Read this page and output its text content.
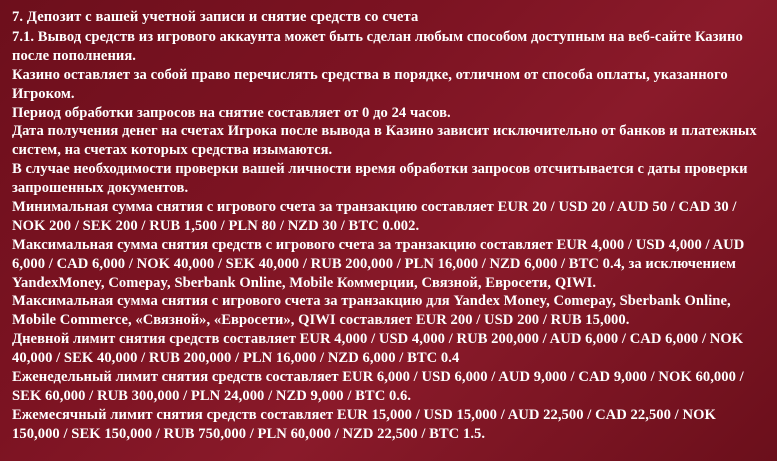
7. Депозит с вашей учетной записи и снятие средств со счета

7.1. Вывод средств из игрового аккаунта может быть сделан любым способом доступным на веб-сайте Казино после пополнения.

Казино оставляет за собой право перечислять средства в порядке, отличном от способа оплаты, указанного Игроком.

Период обработки запросов на снятие составляет от 0 до 24 часов.

Дата получения денег на счетах Игрока после вывода в Казино зависит исключительно от банков и платежных систем, на счетах которых средства изымаются.

В случае необходимости проверки вашей личности время обработки запросов отсчитывается с даты проверки запрошенных документов.

Минимальная сумма снятия с игрового счета за транзакцию составляет EUR 20 / USD 20 / AUD 50 / CAD 30 / NOK 200 / SEK 200 / RUB 1,500 / PLN 80 / NZD 30 / BTC 0.002.

Максимальная сумма снятия средств с игрового счета за транзакцию составляет EUR 4,000 / USD 4,000 / AUD 6,000 / CAD 6,000 / NOK 40,000 / SEK 40,000 / RUB 200,000 / PLN 16,000 / NZD 6,000 / BTC 0.4, за исключением YandexMoney, Comepay, Sberbank Online, Mobile Коммерции, Связной, Евросети, QIWI.

Максимальная сумма снятия с игрового счета за транзакцию для Yandex Money, Comepay, Sberbank Online, Mobile Commerce, «Связной», «Евросети», QIWI составляет EUR 200 / USD 200 / RUB 15,000.

Дневной лимит снятия средств составляет EUR 4,000 / USD 4,000 / RUB 200,000 / AUD 6,000 / CAD 6,000 / NOK 40,000 / SEK 40,000 / RUB 200,000 / PLN 16,000 / NZD 6,000 / BTC 0.4

Еженедельный лимит снятия средств составляет EUR 6,000 / USD 6,000 / AUD 9,000 / CAD 9,000 / NOK 60,000 / SEK 60,000 / RUB 300,000 / PLN 24,000 / NZD 9,000 / BTC 0.6.

Ежемесячный лимит снятия средств составляет EUR 15,000 / USD 15,000 / AUD 22,500 / CAD 22,500 / NOK 150,000 / SEK 150,000 / RUB 750,000 / PLN 60,000 / NZD 22,500 / BTC 1.5.
